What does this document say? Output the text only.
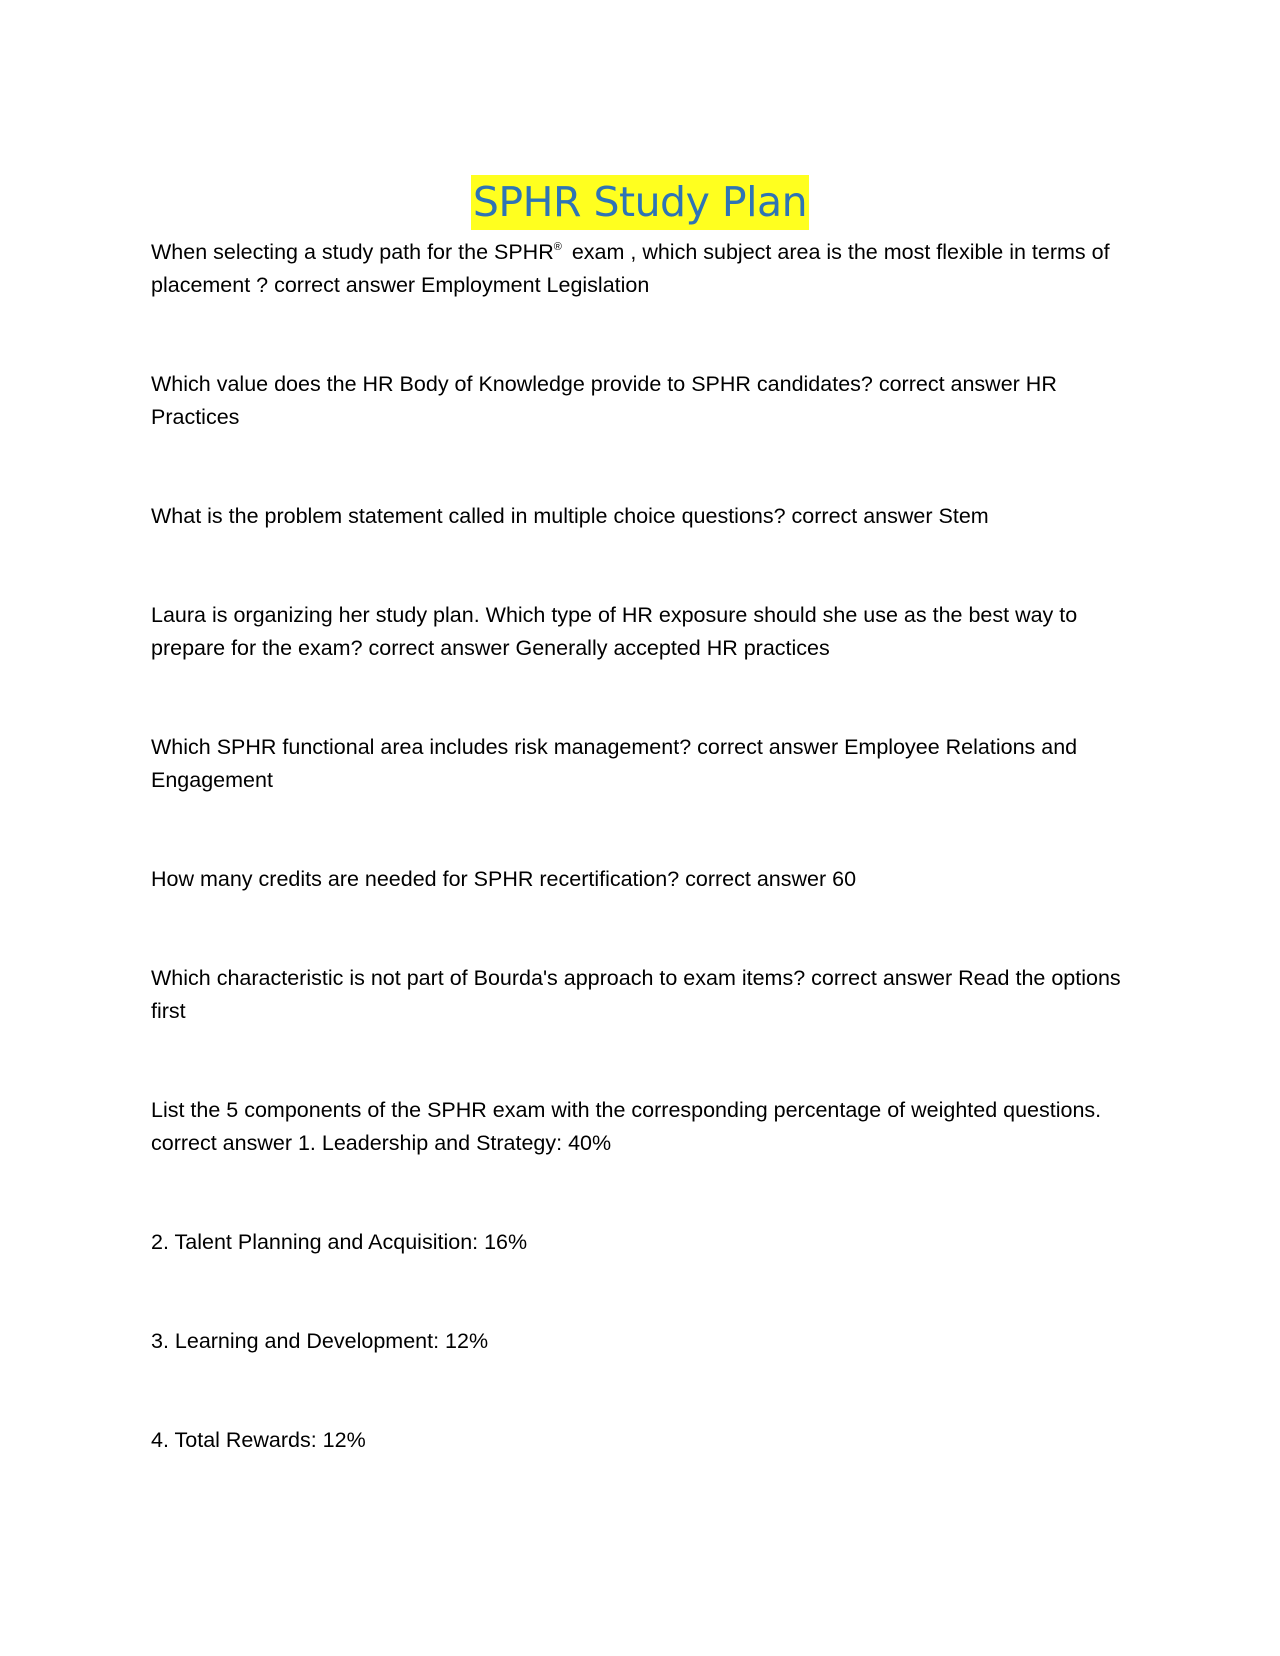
SPHR Study Plan

When selecting a study path for the SPHR® exam , which subject area is the most flexible in terms of placement ? correct answer Employment Legislation

Which value does the HR Body of Knowledge provide to SPHR candidates? correct answer HR Practices

What is the problem statement called in multiple choice questions? correct answer Stem

Laura is organizing her study plan. Which type of HR exposure should she use as the best way to prepare for the exam? correct answer Generally accepted HR practices

Which SPHR functional area includes risk management? correct answer Employee Relations and Engagement

How many credits are needed for SPHR recertification? correct answer 60

Which characteristic is not part of Bourda's approach to exam items? correct answer Read the options first

List the 5 components of the SPHR exam with the corresponding percentage of weighted questions. correct answer 1. Leadership and Strategy: 40%

2. Talent Planning and Acquisition: 16%

3. Learning and Development: 12%

4. Total Rewards: 12%
